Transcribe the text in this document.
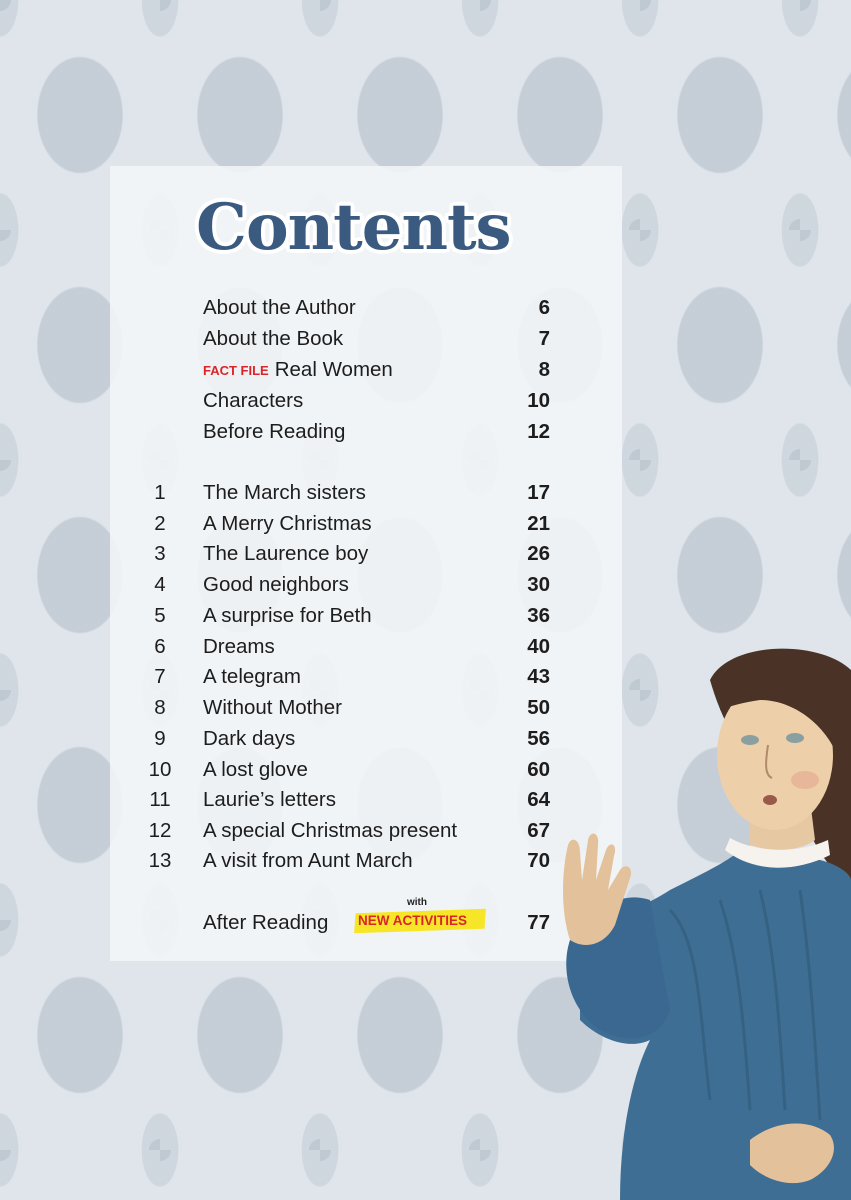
Contents
About the Author	6
About the Book	7
FACT FILE Real Women	8
Characters	10
Before Reading	12
1	The March sisters	17
2	A Merry Christmas	21
3	The Laurence boy	26
4	Good neighbors	30
5	A surprise for Beth	36
6	Dreams	40
7	A telegram	43
8	Without Mother	50
9	Dark days	56
10	A lost glove	60
11	Laurie’s letters	64
12	A special Christmas present	67
13	A visit from Aunt March	70
After Reading	77
with
NEW ACTIVITIES
